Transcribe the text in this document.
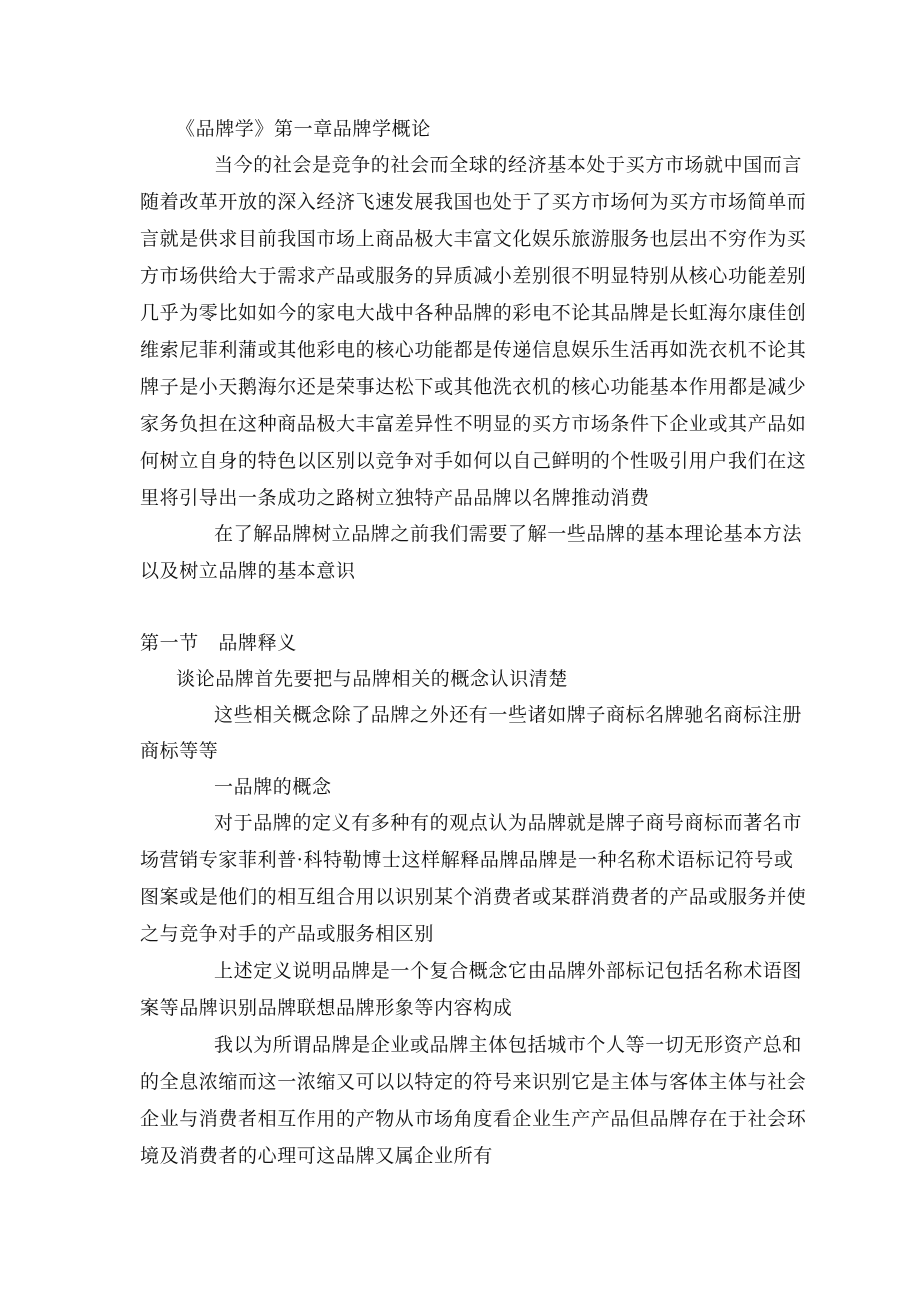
《品牌学》第一章品牌学概论
当今的社会是竞争的社会而全球的经济基本处于买方市场就中国而言
随着改革开放的深入经济飞速发展我国也处于了买方市场何为买方市场简单而
言就是供求目前我国市场上商品极大丰富文化娱乐旅游服务也层出不穷作为买
方市场供给大于需求产品或服务的异质减小差别很不明显特别从核心功能差别
几乎为零比如如今的家电大战中各种品牌的彩电不论其品牌是长虹海尔康佳创
维索尼菲利蒲或其他彩电的核心功能都是传递信息娱乐生活再如洗衣机不论其
牌子是小天鹅海尔还是荣事达松下或其他洗衣机的核心功能基本作用都是减少
家务负担在这种商品极大丰富差异性不明显的买方市场条件下企业或其产品如
何树立自身的特色以区别以竞争对手如何以自己鲜明的个性吸引用户我们在这
里将引导出一条成功之路树立独特产品品牌以名牌推动消费
在了解品牌树立品牌之前我们需要了解一些品牌的基本理论基本方法
以及树立品牌的基本意识
第一节　品牌释义
谈论品牌首先要把与品牌相关的概念认识清楚
这些相关概念除了品牌之外还有一些诸如牌子商标名牌驰名商标注册
商标等等
一品牌的概念
对于品牌的定义有多种有的观点认为品牌就是牌子商号商标而著名市
场营销专家菲利普·科特勒博士这样解释品牌品牌是一种名称术语标记符号或
图案或是他们的相互组合用以识别某个消费者或某群消费者的产品或服务并使
之与竞争对手的产品或服务相区别
上述定义说明品牌是一个复合概念它由品牌外部标记包括名称术语图
案等品牌识别品牌联想品牌形象等内容构成
我以为所谓品牌是企业或品牌主体包括城市个人等一切无形资产总和
的全息浓缩而这一浓缩又可以以特定的符号来识别它是主体与客体主体与社会
企业与消费者相互作用的产物从市场角度看企业生产产品但品牌存在于社会环
境及消费者的心理可这品牌又属企业所有
